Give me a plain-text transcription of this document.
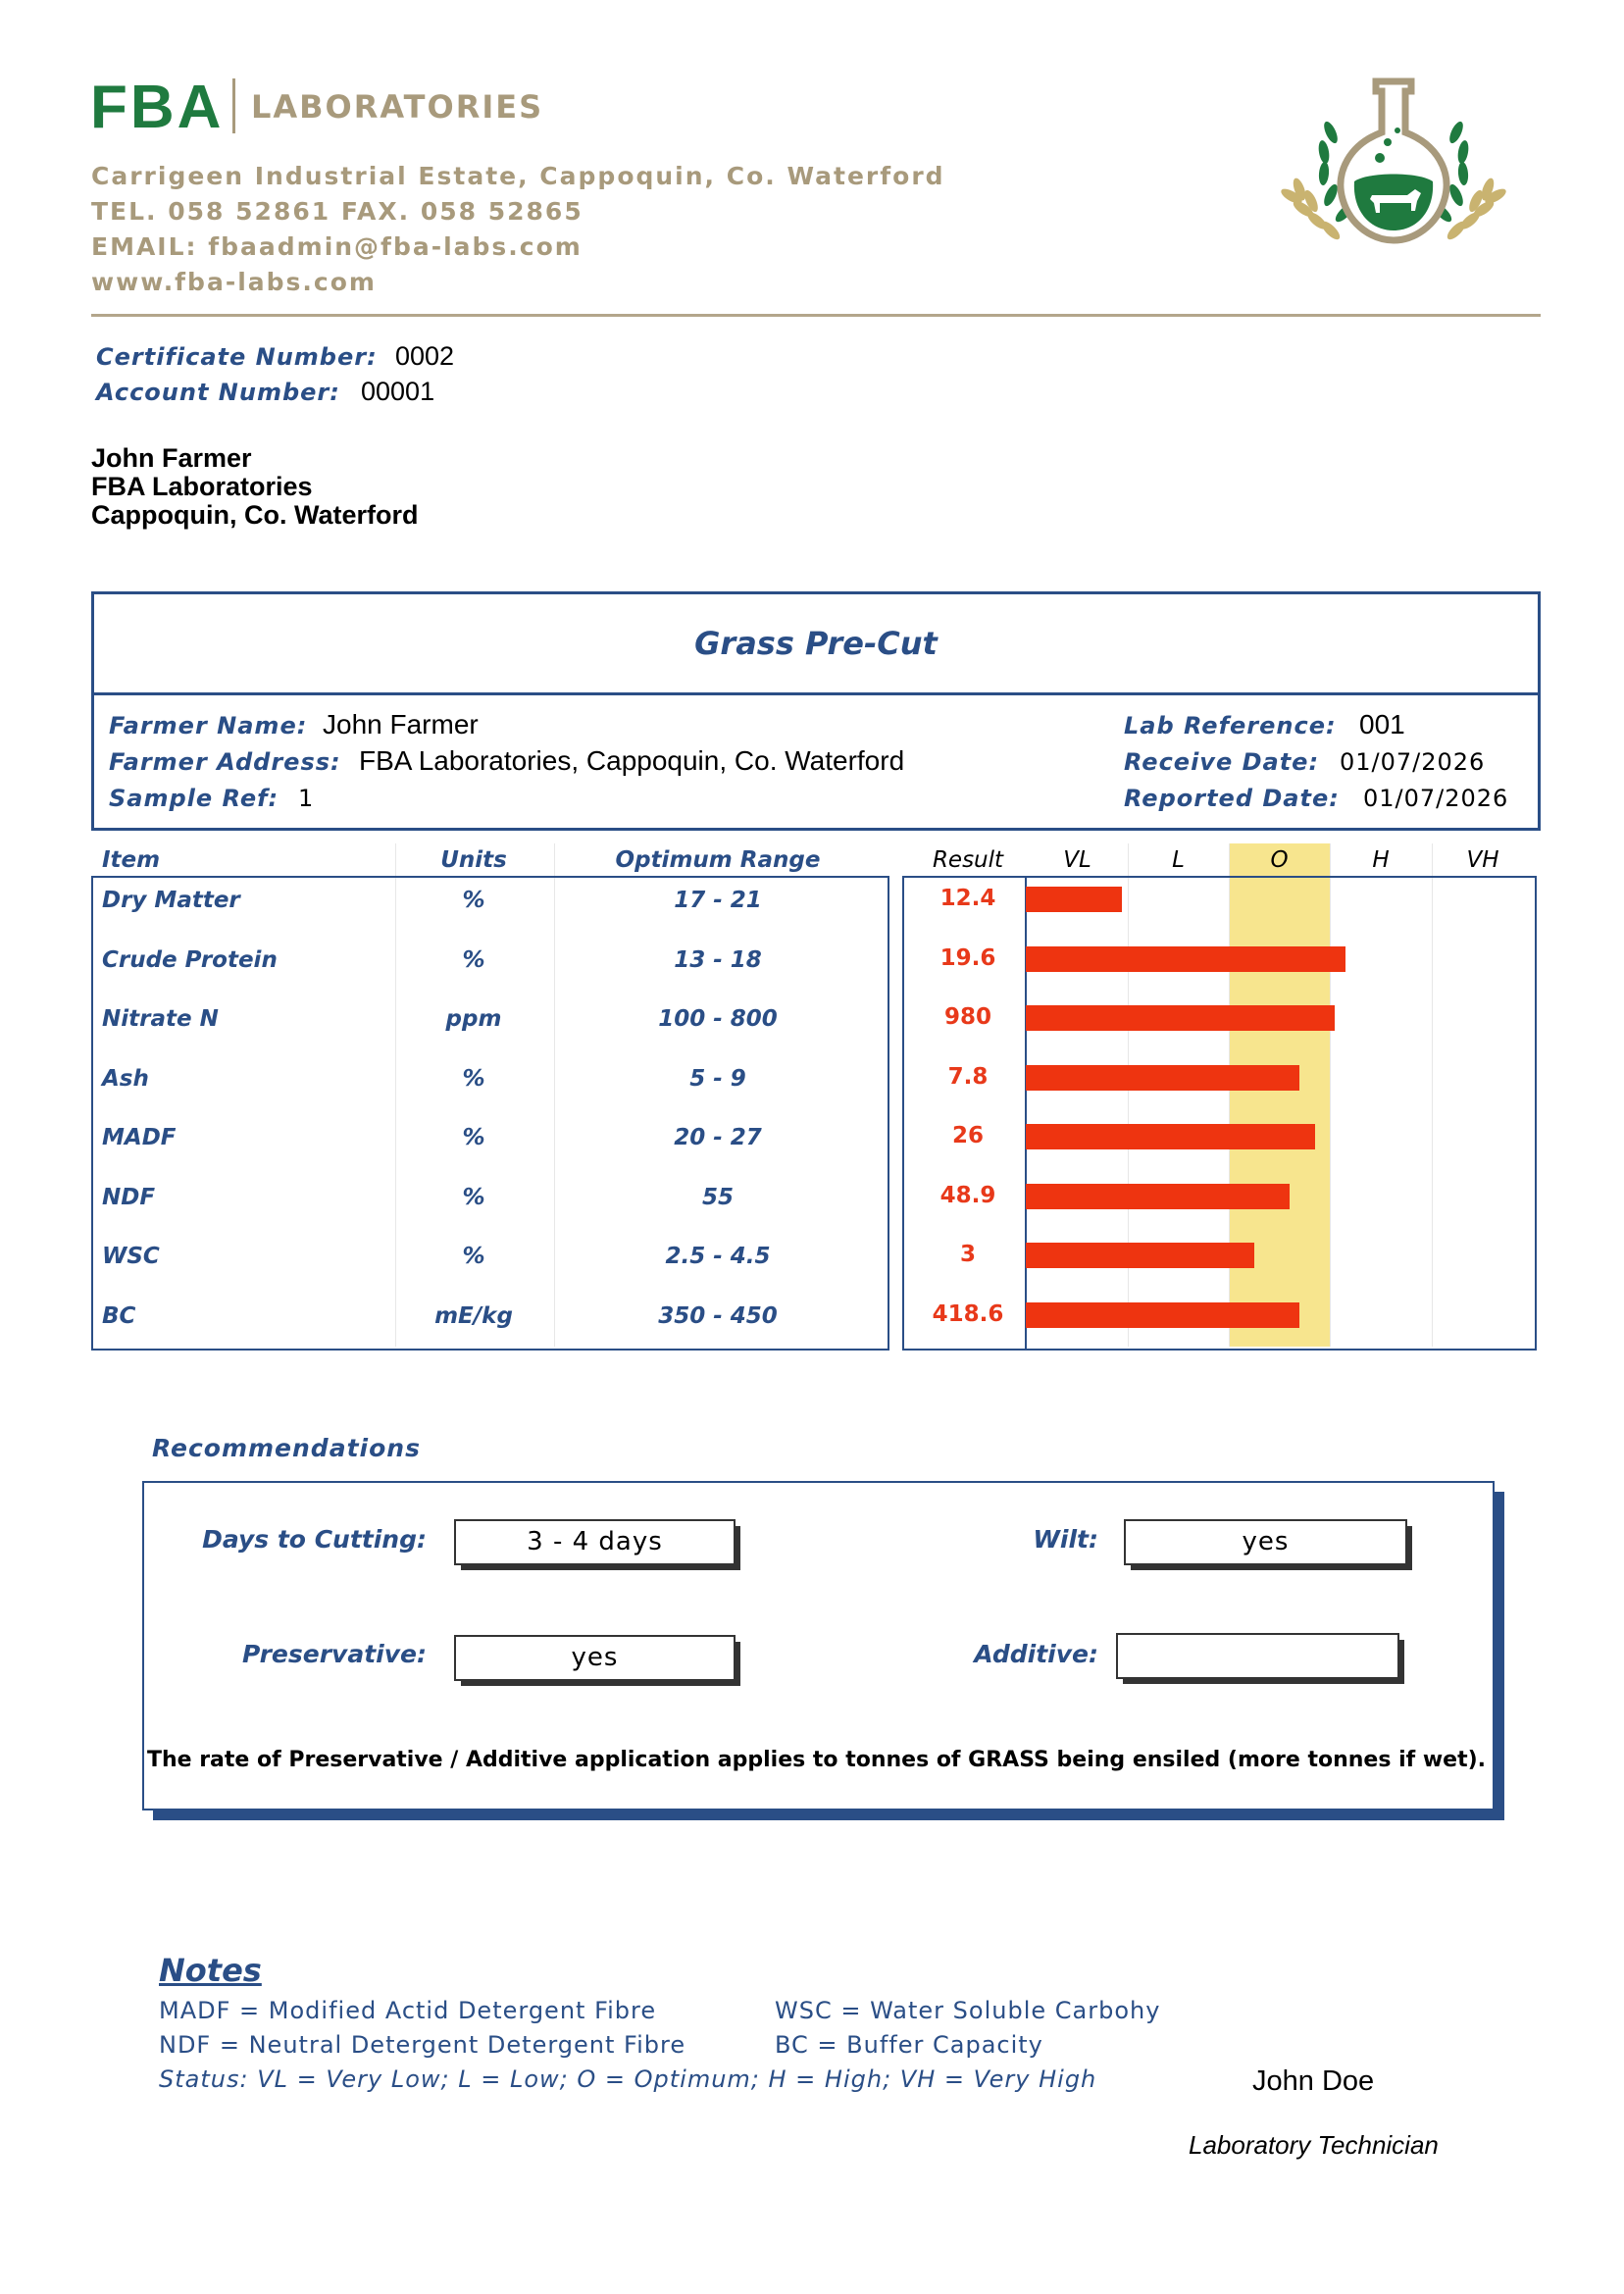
FBA LABORATORIES
Carrigeen Industrial Estate, Cappoquin, Co. Waterford
TEL. 058 52861 FAX. 058 52865
EMAIL: fbaadmin@fba-labs.com
www.fba-labs.com
Certificate Number: 0002
Account Number: 00001
John Farmer
FBA Laboratories
Cappoquin, Co. Waterford
Grass Pre-Cut
Farmer Name: John Farmer
Farmer Address: FBA Laboratories, Cappoquin, Co. Waterford
Sample Ref: 1
Lab Reference: 001
Receive Date: 01/07/2026
Reported Date: 01/07/2026
Item	Units	Optimum Range	Result	VL	L	O	H	VH
Dry Matter	%	17 - 21	12.4
Crude Protein	%	13 - 18	19.6
Nitrate N	ppm	100 - 800	980
Ash	%	5 - 9	7.8
MADF	%	20 - 27	26
NDF	%	55	48.9
WSC	%	2.5 - 4.5	3
BC	mE/kg	350 - 450	418.6
Recommendations
Days to Cutting:	3 - 4 days	Wilt:	yes
Preservative:	yes	Additive:
The rate of Preservative / Additive application applies to tonnes of GRASS being ensiled (more tonnes if wet).
Notes
MADF = Modified Actid Detergent Fibre
NDF = Neutral Detergent Detergent Fibre
WSC = Water Soluble Carbohy
BC = Buffer Capacity
Status: VL = Very Low; L = Low; O = Optimum; H = High; VH = Very High	John Doe
Laboratory Technician
